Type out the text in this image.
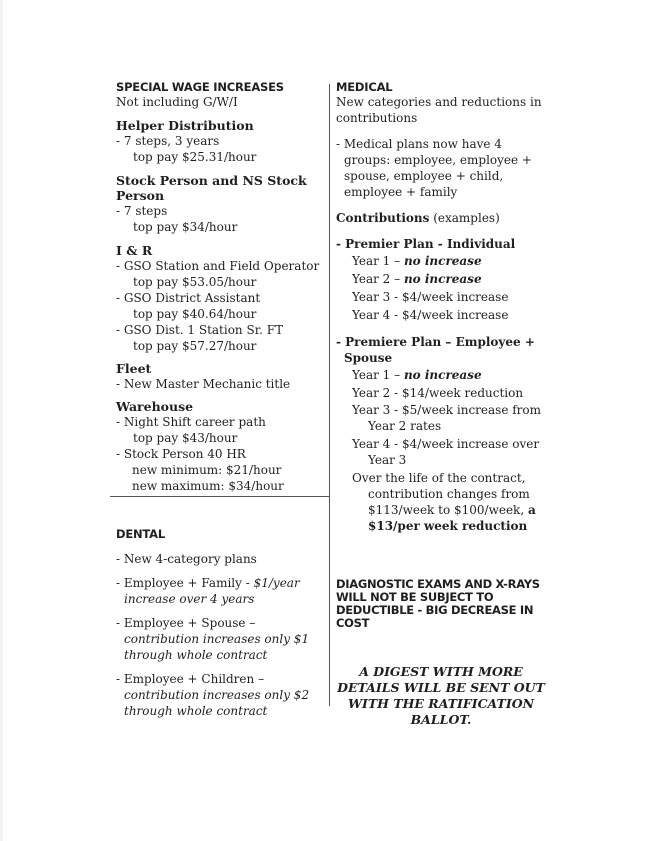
SPECIAL WAGE INCREASES

Not including G/W/I

Helper Distribution

- 7 steps, 3 years

top pay $25.31/hour

Stock Person and NS Stock Person

- 7 steps

top pay $34/hour

I & R

- GSO Station and Field Operator

top pay $53.05/hour

- GSO District Assistant

top pay $40.64/hour

- GSO Dist. 1 Station Sr. FT

top pay $57.27/hour

Fleet

- New Master Mechanic title

Warehouse

- Night Shift career path

top pay $43/hour

- Stock Person 40 HR

new minimum: $21/hour

new maximum: $34/hour

DENTAL

- New 4-category plans

- Employee + Family - $1/year increase over 4 years

- Employee + Spouse – contribution increases only $1 through whole contract

- Employee + Children – contribution increases only $2 through whole contract

MEDICAL

New categories and reductions in contributions

- Medical plans now have 4 groups: employee, employee + spouse, employee + child, employee + family

Contributions (examples)

- Premier Plan - Individual

Year 1 – no increase

Year 2 – no increase

Year 3 - $4/week increase

Year 4 - $4/week increase

- Premiere Plan – Employee + Spouse

Year 1 – no increase

Year 2 - $14/week reduction

Year 3 - $5/week increase from Year 2 rates

Year 4 - $4/week increase over Year 3

Over the life of the contract, contribution changes from $113/week to $100/week, a $13/per week reduction

DIAGNOSTIC EXAMS AND X-RAYS WILL NOT BE SUBJECT TO DEDUCTIBLE - BIG DECREASE IN COST

A DIGEST WITH MORE DETAILS WILL BE SENT OUT WITH THE RATIFICATION BALLOT.
